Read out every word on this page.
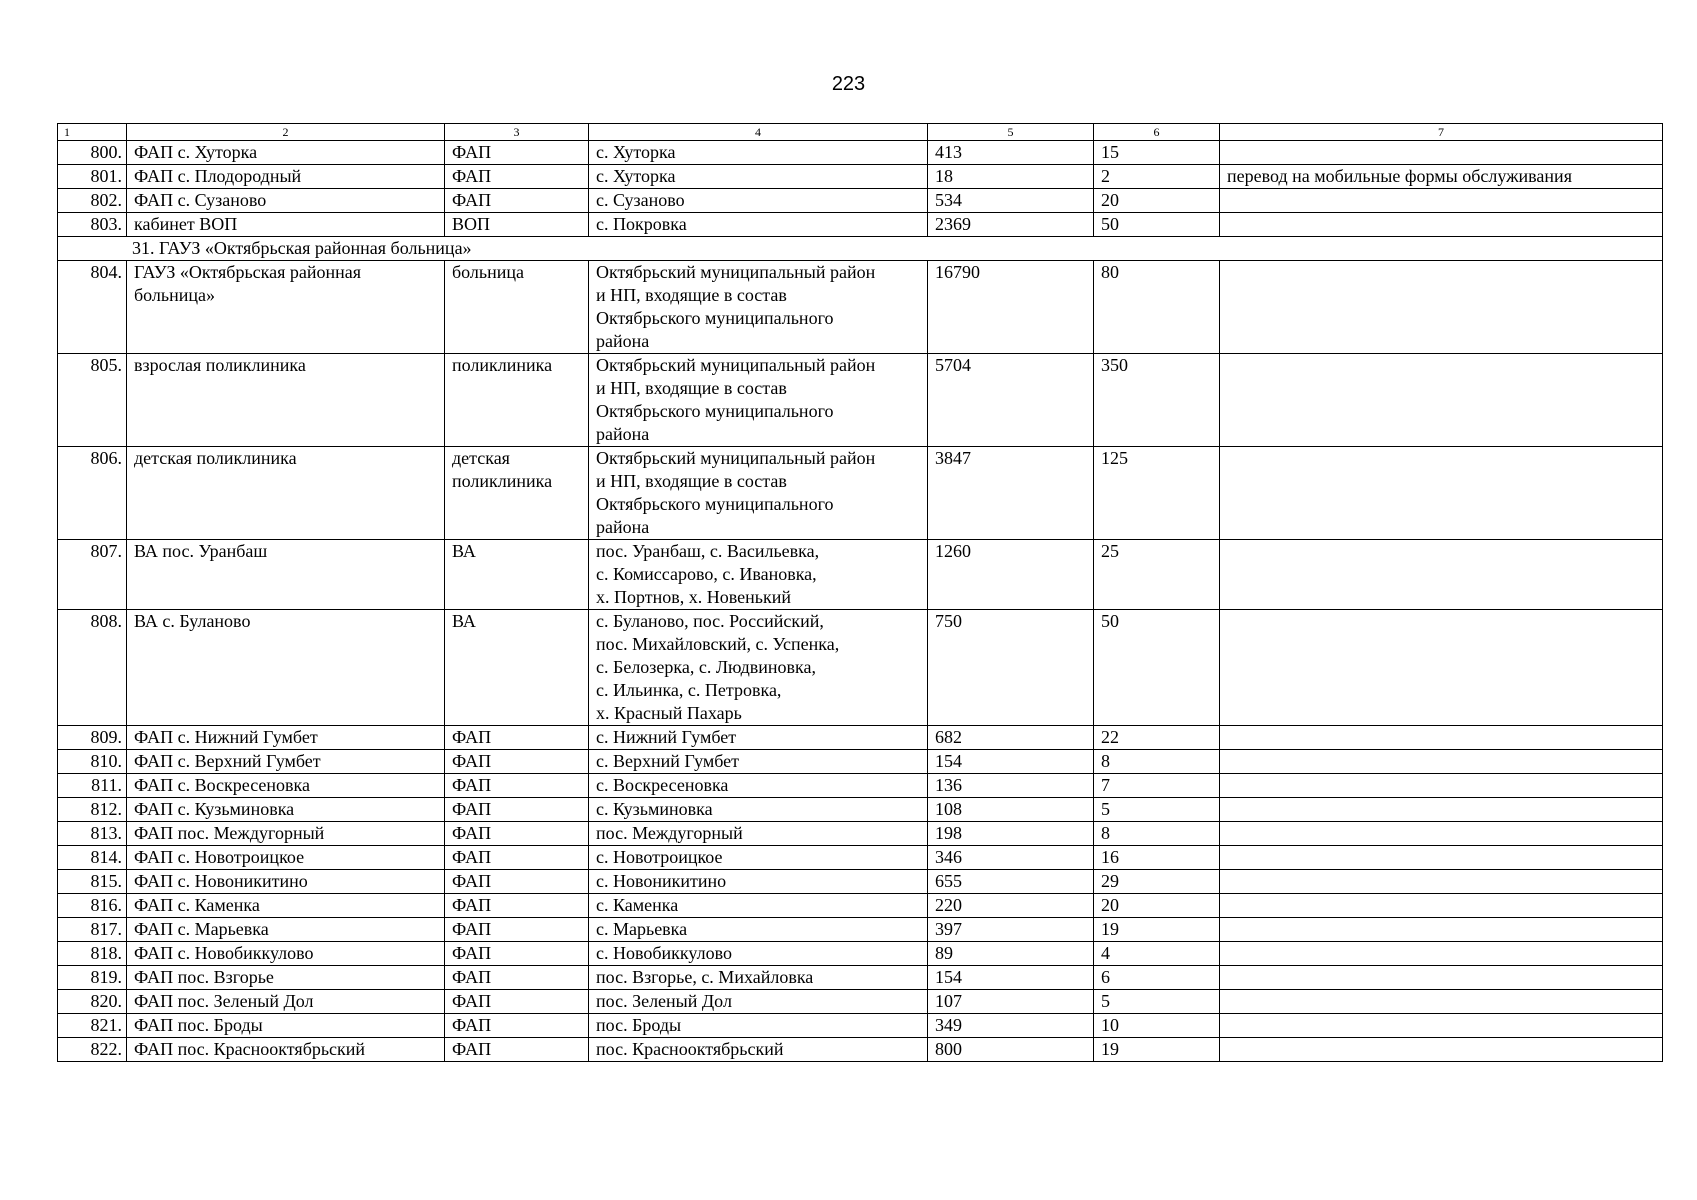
223
1	2	3	4	5	6	7
800.	ФАП с. Хуторка	ФАП	с. Хуторка	413	15	
801.	ФАП с. Плодородный	ФАП	с. Хуторка	18	2	перевод на мобильные формы обслуживания
802.	ФАП с. Сузаново	ФАП	с. Сузаново	534	20	
803.	кабинет ВОП	ВОП	с. Покровка	2369	50	
31. ГАУЗ «Октябрьская районная больница»						
804.	ГАУЗ «Октябрьская районная
больница»	больница	Октябрьский муниципальный район
и НП, входящие в состав
Октябрьского муниципального
района	16790	80	
805.	взрослая поликлиника	поликлиника	Октябрьский муниципальный район
и НП, входящие в состав
Октябрьского муниципального
района	5704	350	
806.	детская поликлиника	детская
поликлиника	Октябрьский муниципальный район
и НП, входящие в состав
Октябрьского муниципального
района	3847	125	
807.	ВА пос. Уранбаш	ВА	пос. Уранбаш, с. Васильевка,
с. Комиссарово, с. Ивановка,
х. Портнов, х. Новенький	1260	25	
808.	ВА с. Буланово	ВА	с. Буланово, пос. Российский,
пос. Михайловский, с. Успенка,
с. Белозерка, с. Людвиновка,
с. Ильинка, с. Петровка,
х. Красный Пахарь	750	50	
809.	ФАП с. Нижний Гумбет	ФАП	с. Нижний Гумбет	682	22	
810.	ФАП с. Верхний Гумбет	ФАП	с. Верхний Гумбет	154	8	
811.	ФАП с. Воскресеновка	ФАП	с. Воскресеновка	136	7	
812.	ФАП с. Кузьминовка	ФАП	с. Кузьминовка	108	5	
813.	ФАП пос. Междугорный	ФАП	пос. Междугорный	198	8	
814.	ФАП с. Новотроицкое	ФАП	с. Новотроицкое	346	16	
815.	ФАП с. Новоникитино	ФАП	с. Новоникитино	655	29	
816.	ФАП с. Каменка	ФАП	с. Каменка	220	20	
817.	ФАП с. Марьевка	ФАП	с. Марьевка	397	19	
818.	ФАП с. Новобиккулово	ФАП	с. Новобиккулово	89	4	
819.	ФАП пос. Взгорье	ФАП	пос. Взгорье, с. Михайловка	154	6	
820.	ФАП пос. Зеленый Дол	ФАП	пос. Зеленый Дол	107	5	
821.	ФАП пос. Броды	ФАП	пос. Броды	349	10	
822.	ФАП пос. Краснооктябрьский	ФАП	пос. Краснооктябрьский	800	19	
